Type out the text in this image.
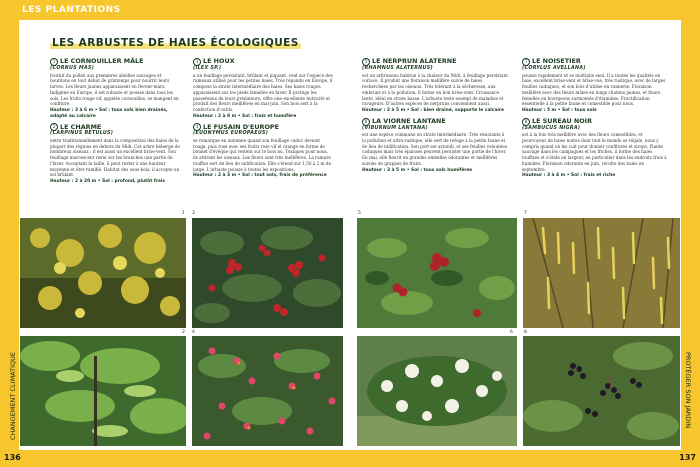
LES PLANTATIONS
LES ARBUSTES DE HAIES ÉCOLOGIQUES
CHANGEMENT CLIMATIQUE	PROTÉGER SON JARDIN
136	137
1 LE CORNOUILLER MÂLE
(CORNUS MAS)
fournit du pollen aux premières abeilles sauvages et bourdons en tout début de printemps pour nourrir leurs larves. Les fleurs jaunes apparaissent en février-mars. Indigène en Europe, il est robuste et pousse dans tous les sols. Les fruits rouge vif, appelés cornouilles, se mangent en confiture.
Hauteur : 3 à 6 m • Sol : tous sols bien drainés, adapté au calcaire
2 LE CHARME
(CARPINUS BETULUS)
entre traditionnellement dans la composition des haies de la plupart des régions en dehors du Midi. Cet arbre héberge de nombreux oiseaux ; il est aussi un excellent brise-vent. Son feuillage marcescent reste sur les branches une partie de l'hiver. Acceptant la taille, il peut rester à une hauteur moyenne et être ramifié. Habitat des sous-bois, il accepte un sol brûlant.
Hauteur : 2 à 20 m • Sol : profond, plutôt frais
3 LE HOUX
(ILEX SP.)
a un feuillage persistant, brillant et piquant, ceul sur l'espèce des rameaux utilisé pour les petites baies. Très répandu en Europe, il compose la strate intermédiaire des haies. Ses baies rouges apparaissent sur les pieds femelles en hiver. Il protège les passereaux de leurs prédateurs, offre une excellente nutricité et produit des fleurs mellifères en mai-juin. Son bois sert à la confection d'outils.
Hauteur : 2 à 8 m • Sol : frais et humifère
4 LE FUSAIN D'EUROPE
(EUONYMUS EUROPAEUS)
se remarque en automne quand son feuillage caduc devient rouge, puis rose avec ses fruits rose vif et orange en forme de bonnet d'évêque qui restent sur le bois nu. Toxiques pour nous, ils attirent les oiseaux. Les fleurs sont très mellifères. La ramure touffue sert de lieu de nidification. Elle s'étend sur 1,50 à 2 m de large. L'arbuste pousse à toutes les expositions.
Hauteur : 2 à 3 m • Sol : tout sols, frais de préférence
5 LE NERPRUN ALATERNE
(RHAMNUS ALATERNUS)
est un arbrisseau habitué à la chaleur du Midi, à feuillage persistant coriace. Il produit une floraison mellifère suivie de baies recherchées par les oiseaux. Très tolérant à la sécheresse, aux embruns et à la pollution, il forme un bon brise-vent. Croissance lente, idéal en strate basse. L'arbuste reste exempt de maladies et ravageurs. D'autres espèces de nerpruns conviennent aussi.
Hauteur : 2 à 5 m • Sol : bien drainé, supporte le calcaire
6 LA VIORNE LANTANE
(VIBURNUM LANTANA)
est une espèce commune en strate intermédiaire. Très résistante à la pollution et ultra-rustique, elle sert de refuge à la petite faune et de lieu de nidification. Son port est arrondi, et ses feuilles veloutées caduques mais très épaisses peuvent persister une partie de l'hiver. En mai, elle fleurit en grandes ombelles odorantes et mellifères suivies de grappes de fruits.
Hauteur : 3 à 5 m • Sol : tous sols humifères
7 LE NOISETIER
(CORYLUS AVELLANA)
pousse rapidement et se multiplie seul. Il a toutes les qualités en haie, excellent brise-vent et brise-vue, très rustique, avec de larges feuilles caduques, et son bois d'utilise en vannerie. Floraison mellifère avec des fleurs mâles en longs chatons jaunes, et fleurs femelles en bourgeons surmontés d'étamines. Fructification essentielle à la petite faune et comestible pour nous.
Hauteur : 5 m • Sol : tous sols
8 LE SUREAU NOIR
(SAMBUCUS NIGRA)
est à la fois très mellifère avec des fleurs comestibles, et pourvoyeur de baies noires dont tout le monde se régale, nous y compris quand on les cuit pour donner confitures et sirops. Plante sauvage dans les campagnes et les friches, il forme des haies touffues et s'étale en largeur, en particulier dans les endroits frais à humides. Floraison odorante en juin, récolte des baies en septembre.
Hauteur : 3 à 4 m • Sol : frais et riche
1 3	5	7
2 4	6 8
